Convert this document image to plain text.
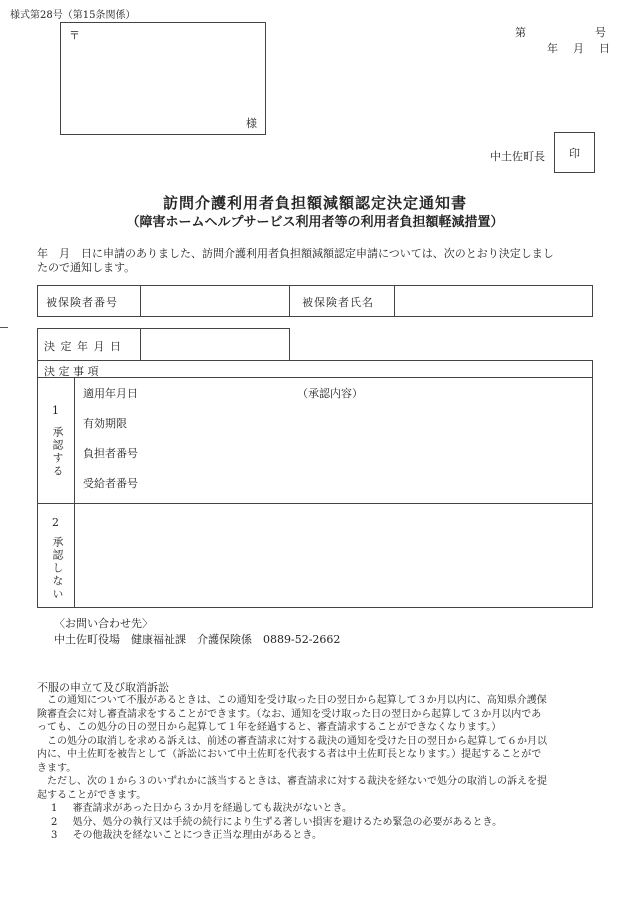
様式第28号（第15条関係）
〒
様
第	号
年　月　日
中土佐町長 印
訪問介護利用者負担額減額認定決定通知書
（障害ホームヘルプサービス利用者等の利用者負担額軽減措置）
年　月　日に申請のありました、訪問介護利用者負担額減額認定申請については、次のとおり決定しまし
たので通知します。
被保険者番号	被保険者氏名
決 定 年 月 日
決 定 事 項
1
承認する
適用年月日
有効期限
負担者番号
受給者番号
（承認内容）
2
承認しない
〈お問い合わせ先〉
中土佐町役場　健康福祉課　介護保険係　0889-52-2662
不服の申立て及び取消訴訟
この通知について不服があるときは、この通知を受け取った日の翌日から起算して３か月以内に、高知県介護保
険審査会に対し審査請求をすることができます。（なお、通知を受け取った日の翌日から起算して３か月以内であ
っても、この処分の日の翌日から起算して１年を経過すると、審査請求することができなくなります。）
この処分の取消しを求める訴えは、前述の審査請求に対する裁決の通知を受けた日の翌日から起算して６か月以
内に、中土佐町を被告として（訴訟において中土佐町を代表する者は中土佐町長となります。）提起することがで
きます。
ただし、次の１から３のいずれかに該当するときは、審査請求に対する裁決を経ないで処分の取消しの訴えを提
起することができます。
1 審査請求があった日から３か月を経過しても裁決がないとき。
2 処分、処分の執行又は手続の続行により生ずる著しい損害を避けるため緊急の必要があるとき。
3 その他裁決を経ないことにつき正当な理由があるとき。
